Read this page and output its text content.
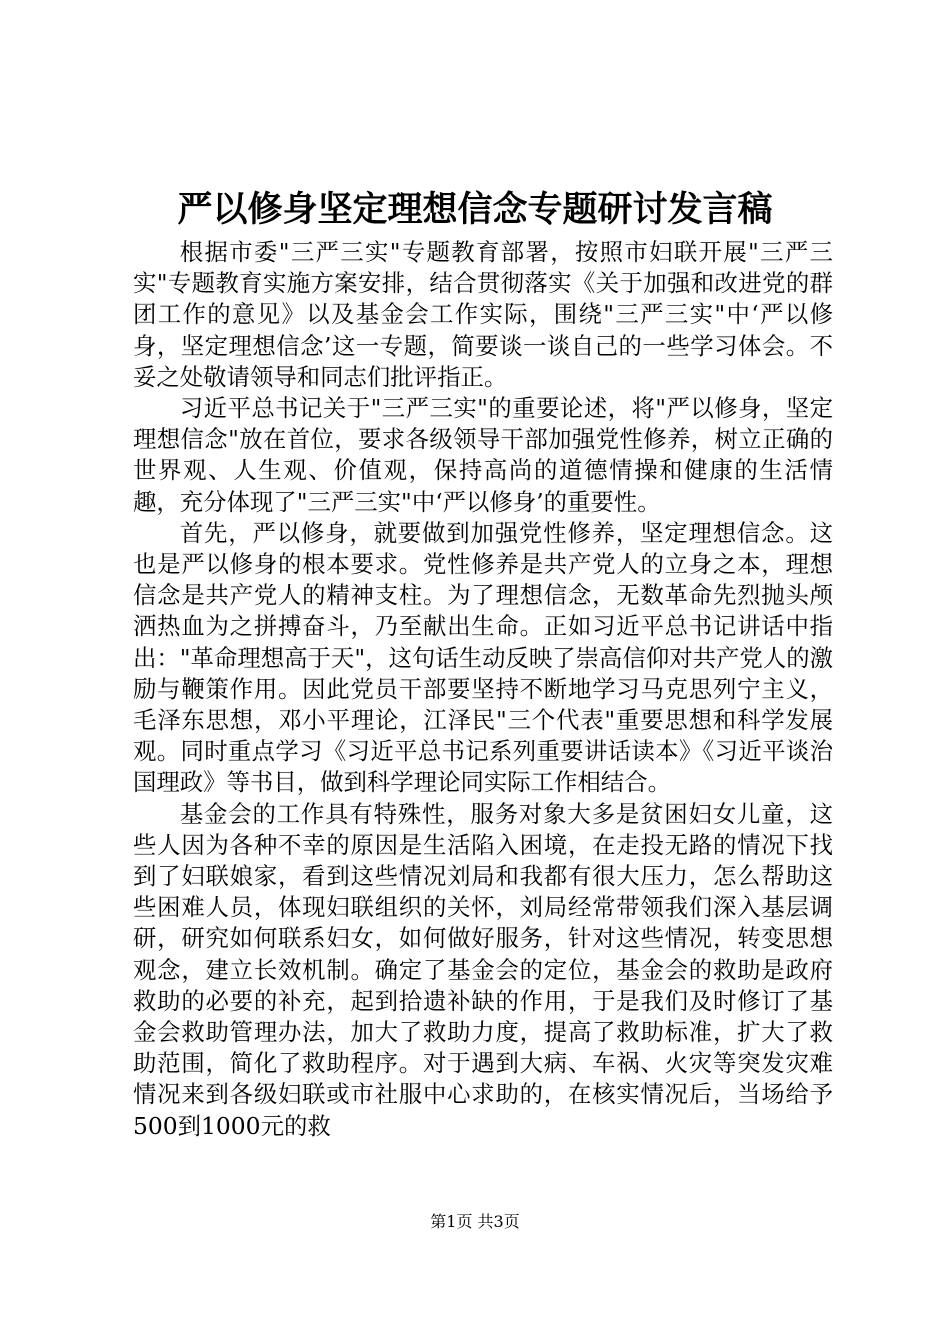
严以修身坚定理想信念专题研讨发言稿

根据市委"三严三实"专题教育部署，按照市妇联开展"三严三实"专题教育实施方案安排，结合贯彻落实《关于加强和改进党的群团工作的意见》以及基金会工作实际，围绕"三严三实"中‘严以修身，坚定理想信念’这一专题，简要谈一谈自己的一些学习体会。不妥之处敬请领导和同志们批评指正。

习近平总书记关于"三严三实"的重要论述，将"严以修身，坚定理想信念"放在首位，要求各级领导干部加强党性修养，树立正确的世界观、人生观、价值观，保持高尚的道德情操和健康的生活情趣，充分体现了"三严三实"中‘严以修身’的重要性。

首先，严以修身，就要做到加强党性修养，坚定理想信念。这也是严以修身的根本要求。党性修养是共产党人的立身之本，理想信念是共产党人的精神支柱。为了理想信念，无数革命先烈抛头颅洒热血为之拼搏奋斗，乃至献出生命。正如习近平总书记讲话中指出："革命理想高于天"，这句话生动反映了崇高信仰对共产党人的激励与鞭策作用。因此党员干部要坚持不断地学习马克思列宁主义，毛泽东思想，邓小平理论，江泽民"三个代表"重要思想和科学发展观。同时重点学习《习近平总书记系列重要讲话读本》《习近平谈治国理政》等书目，做到科学理论同实际工作相结合。

基金会的工作具有特殊性，服务对象大多是贫困妇女儿童，这些人因为各种不幸的原因是生活陷入困境，在走投无路的情况下找到了妇联娘家，看到这些情况刘局和我都有很大压力，怎么帮助这些困难人员，体现妇联组织的关怀，刘局经常带领我们深入基层调研，研究如何联系妇女，如何做好服务，针对这些情况，转变思想观念，建立长效机制。确定了基金会的定位，基金会的救助是政府救助的必要的补充，起到拾遗补缺的作用，于是我们及时修订了基金会救助管理办法，加大了救助力度，提高了救助标准，扩大了救助范围，简化了救助程序。对于遇到大病、车祸、火灾等突发灾难情况来到各级妇联或市社服中心求助的，在核实情况后，当场给予500到1000元的救

第1页 共3页
